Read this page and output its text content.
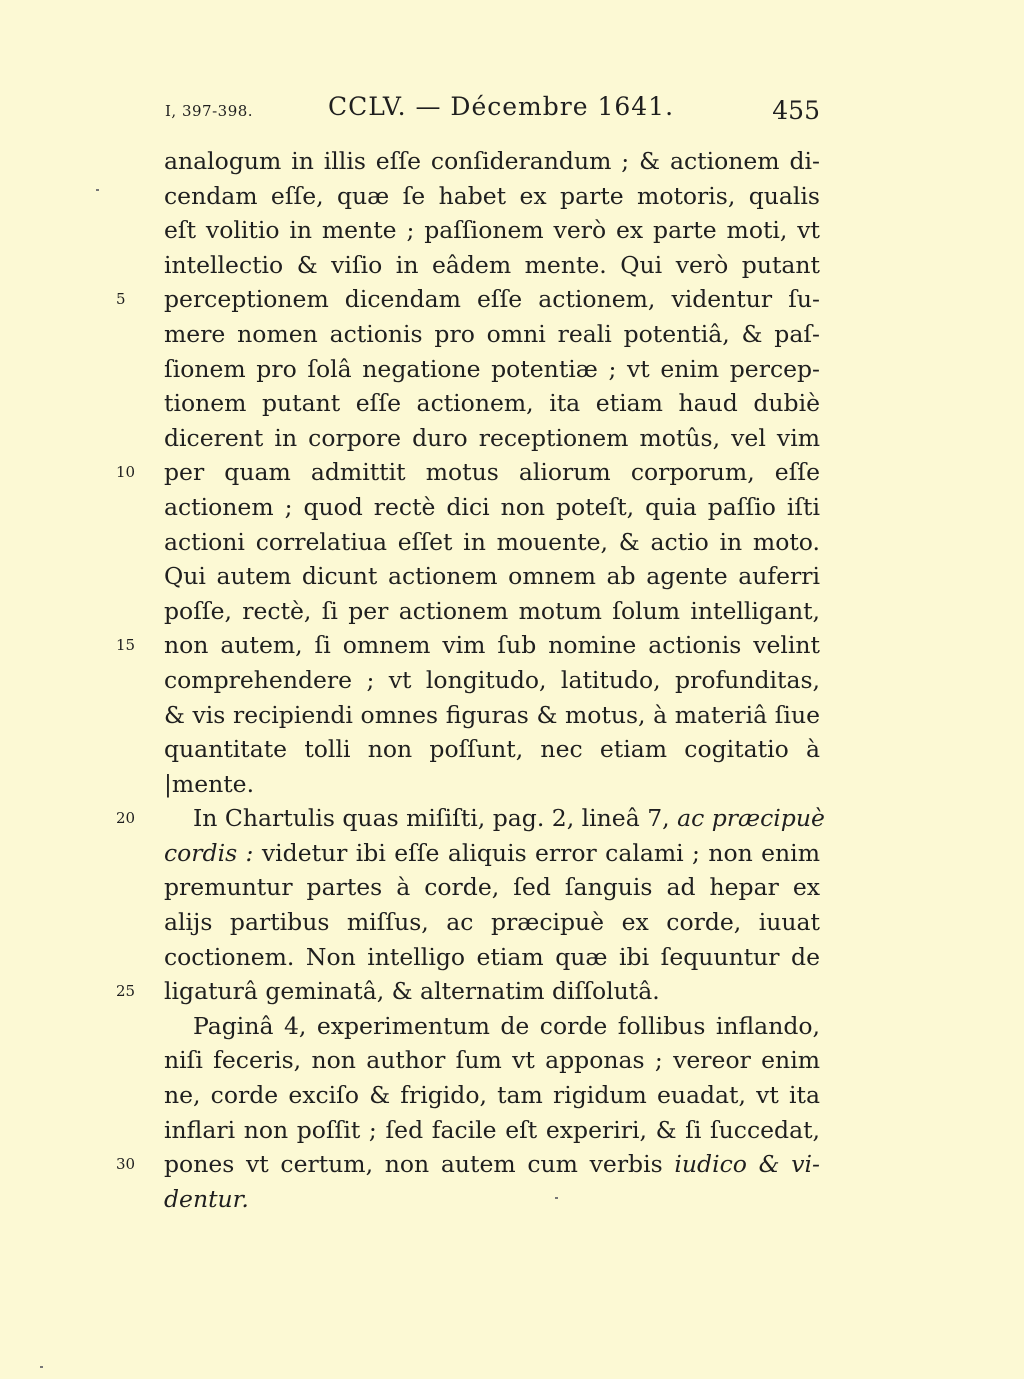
I, 397-398.	CCLV. — Décembre 1641.	455
analogum in illis eſſe conſiderandum ; & actionem di-
cendam eſſe, quæ ſe habet ex parte motoris, qualis
eſt volitio in mente ; paſſionem verò ex parte moti, vt
intellectio & viſio in eâdem mente. Qui verò putant
5	perceptionem dicendam eſſe actionem, videntur ſu-
mere nomen actionis pro omni reali potentiâ, & paſ-
ſionem pro ſolâ negatione potentiæ ; vt enim percep-
tionem putant eſſe actionem, ita etiam haud dubiè
dicerent in corpore duro receptionem motûs, vel vim
10	per quam admittit motus aliorum corporum, eſſe
actionem ; quod rectè dici non poteſt, quia paſſio iſti
actioni correlatiua eſſet in mouente, & actio in moto.
Qui autem dicunt actionem omnem ab agente auferri
poſſe, rectè, ſi per actionem motum ſolum intelligant,
15	non autem, ſi omnem vim ſub nomine actionis velint
comprehendere ; vt longitudo, latitudo, profunditas,
& vis recipiendi omnes figuras & motus, à materiâ ſiue
quantitate tolli non poſſunt, nec etiam cogitatio à
|mente.
20	In Chartulis quas miſiſti, pag. 2, lineâ 7, ac præcipuè
cordis : videtur ibi eſſe aliquis error calami ; non enim
premuntur partes à corde, ſed ſanguis ad hepar ex
alijs partibus miſſus, ac præcipuè ex corde, iuuat
coctionem. Non intelligo etiam quæ ibi ſequuntur de
25	ligaturâ geminatâ, & alternatim diſſolutâ.
Paginâ 4, experimentum de corde follibus inflando,
niſi feceris, non author ſum vt apponas ; vereor enim
ne, corde exciſo & frigido, tam rigidum euadat, vt ita
inflari non poſſit ; ſed facile eſt experiri, & ſi ſuccedat,
30	pones vt certum, non autem cum verbis iudico & vi-
dentur.
